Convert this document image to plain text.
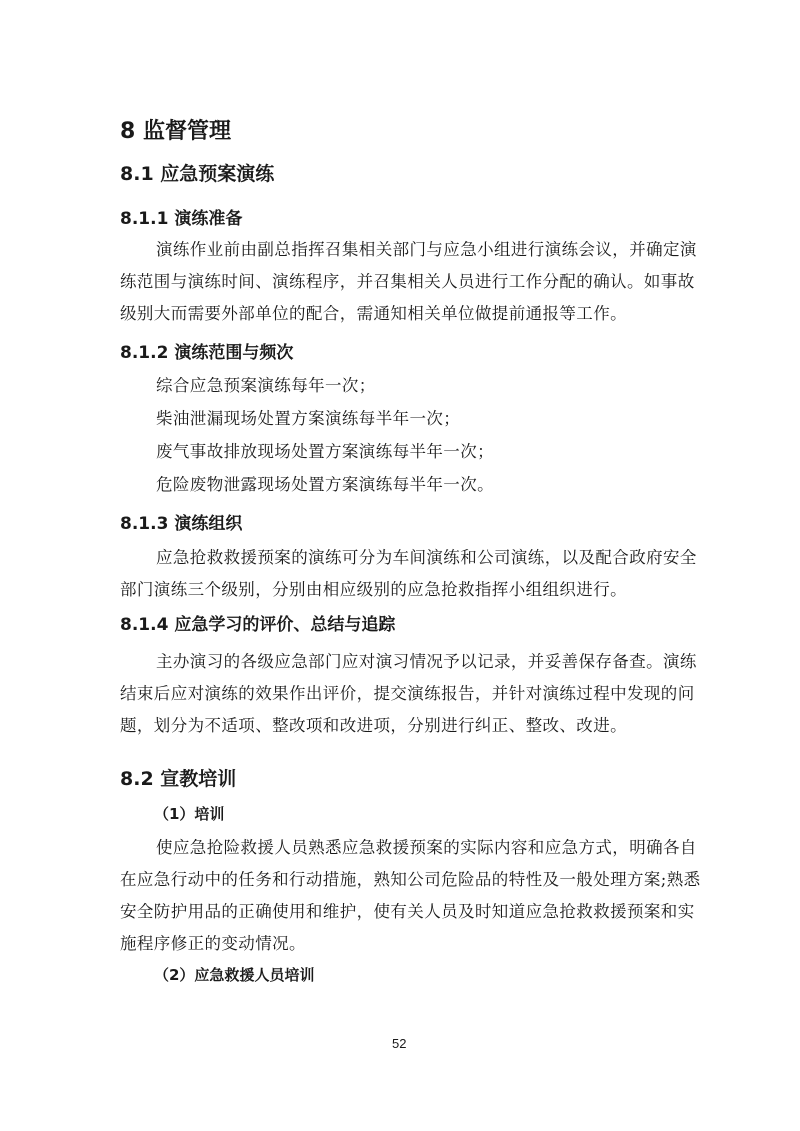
8 监督管理
8.1 应急预案演练
8.1.1 演练准备
演练作业前由副总指挥召集相关部门与应急小组进行演练会议，并确定演
练范围与演练时间、演练程序，并召集相关人员进行工作分配的确认。如事故
级别大而需要外部单位的配合，需通知相关单位做提前通报等工作。
8.1.2 演练范围与频次
综合应急预案演练每年一次；
柴油泄漏现场处置方案演练每半年一次；
废气事故排放现场处置方案演练每半年一次；
危险废物泄露现场处置方案演练每半年一次。
8.1.3 演练组织
应急抢救救援预案的演练可分为车间演练和公司演练，以及配合政府安全
部门演练三个级别，分别由相应级别的应急抢救指挥小组组织进行。
8.1.4 应急学习的评价、总结与追踪
主办演习的各级应急部门应对演习情况予以记录，并妥善保存备查。演练
结束后应对演练的效果作出评价，提交演练报告，并针对演练过程中发现的问
题，划分为不适项、整改项和改进项，分别进行纠正、整改、改进。
8.2 宣教培训
（1）培训
使应急抢险救援人员熟悉应急救援预案的实际内容和应急方式，明确各自
在应急行动中的任务和行动措施，熟知公司危险品的特性及一般处理方案;熟悉
安全防护用品的正确使用和维护，使有关人员及时知道应急抢救救援预案和实
施程序修正的变动情况。
（2）应急救援人员培训
52
